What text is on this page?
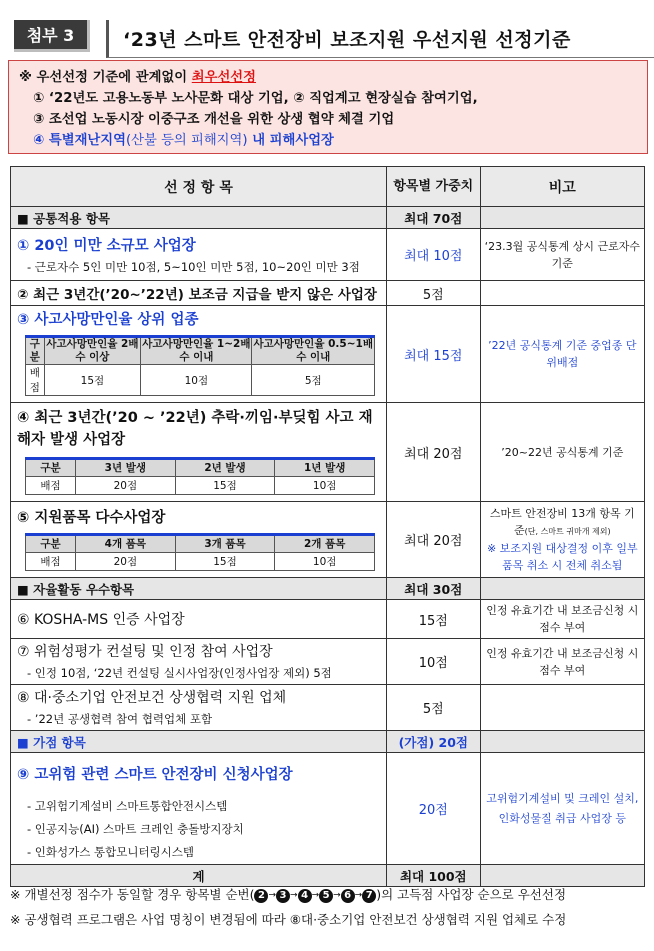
첨부 3	‘23년 스마트 안전장비 보조지원 우선지원 선정기준
※ 우선선정 기준에 관계없이 최우선선정
① ‘22년도 고용노동부 노사문화 대상 기업, ② 직업계고 현장실습 참여기업,
③ 조선업 노동시장 이중구조 개선을 위한 상생 협약 체결 기업
④ 특별재난지역(산불 등의 피해지역) 내 피해사업장
선 정 항 목	항목별 가중치	비고
■ 공통적용 항목	최대 70점	

① 20인 미만 소규모 사업장
- 근로자수 5인 미만 10점, 5~10인 미만 5점, 10~20인 미만 3점
	최대 10점	‘23.3월 공식통계 상시 근로자수 기준

② 최근 3년간(’20~’22년) 보조금 지급을 받지 않은 사업장	5점	

③ 사고사망만인율 상위 업종
구분	사고사망만인율 2배수 이상	사고사망만인율 1~2배수 이내	사고사망만인율 0.5~1배수 이내
배점	15점	10점	5점
	최대 15점	’22년 공식통계 기준 중업종 단위배점

④ 최근 3년간(’20 ~ ’22년) 추락·끼임·부딪힘 사고 재해자 발생 사업장
구분	3년 발생	2년 발생	1년 발생
배점	20점	15점	10점
	최대 20점	’20~22년 공식통계 기준

⑤ 지원품목 다수사업장
구분	4개 품목	3개 품목	2개 품목
배점	20점	15점	10점
	최대 20점	
스마트 안전장비 13개 항목 기준(단, 스마트 귀마개 제외)
※ 보조지원 대상결정 이후 일부 품목 취소 시 전체 취소됨

■ 자율활동 우수항목	최대 30점	

⑥ KOSHA-MS 인증 사업장	15점	인정 유효기간 내 보조금신청 시 점수 부여

⑦ 위험성평가 컨설팅 및 인정 참여 사업장
- 인정 10점, ‘22년 컨설팅 실시사업장(인정사업장 제외) 5점
	10점	인정 유효기간 내 보조금신청 시 점수 부여

⑧ 대·중소기업 안전보건 상생협력 지원 업체
- ’22년 공생협력 참여 협력업체 포함
	5점	
■ 가점 항목	(가점) 20점	

⑨ 고위험 관련 스마트 안전장비 신청사업장
- 고위험기계설비 스마트통합안전시스템
- 인공지능(AI) 스마트 크레인 충돌방지장치
- 인화성가스 통합모니터링시스템
	20점	고위험기계설비 및 크레인 설치, 인화성물질 취급 사업장 등
계	최대 100점	
※ 개별선정 점수가 동일할 경우 항목별 순번( 2 → 3 → 4 → 5 → 6 → 7 )의 고득점 사업장 순으로 우선선정
※ 공생협력 프로그램은 사업 명칭이 변경됨에 따라 ⑧대·중소기업 안전보건 상생협력 지원 업체로 수정
